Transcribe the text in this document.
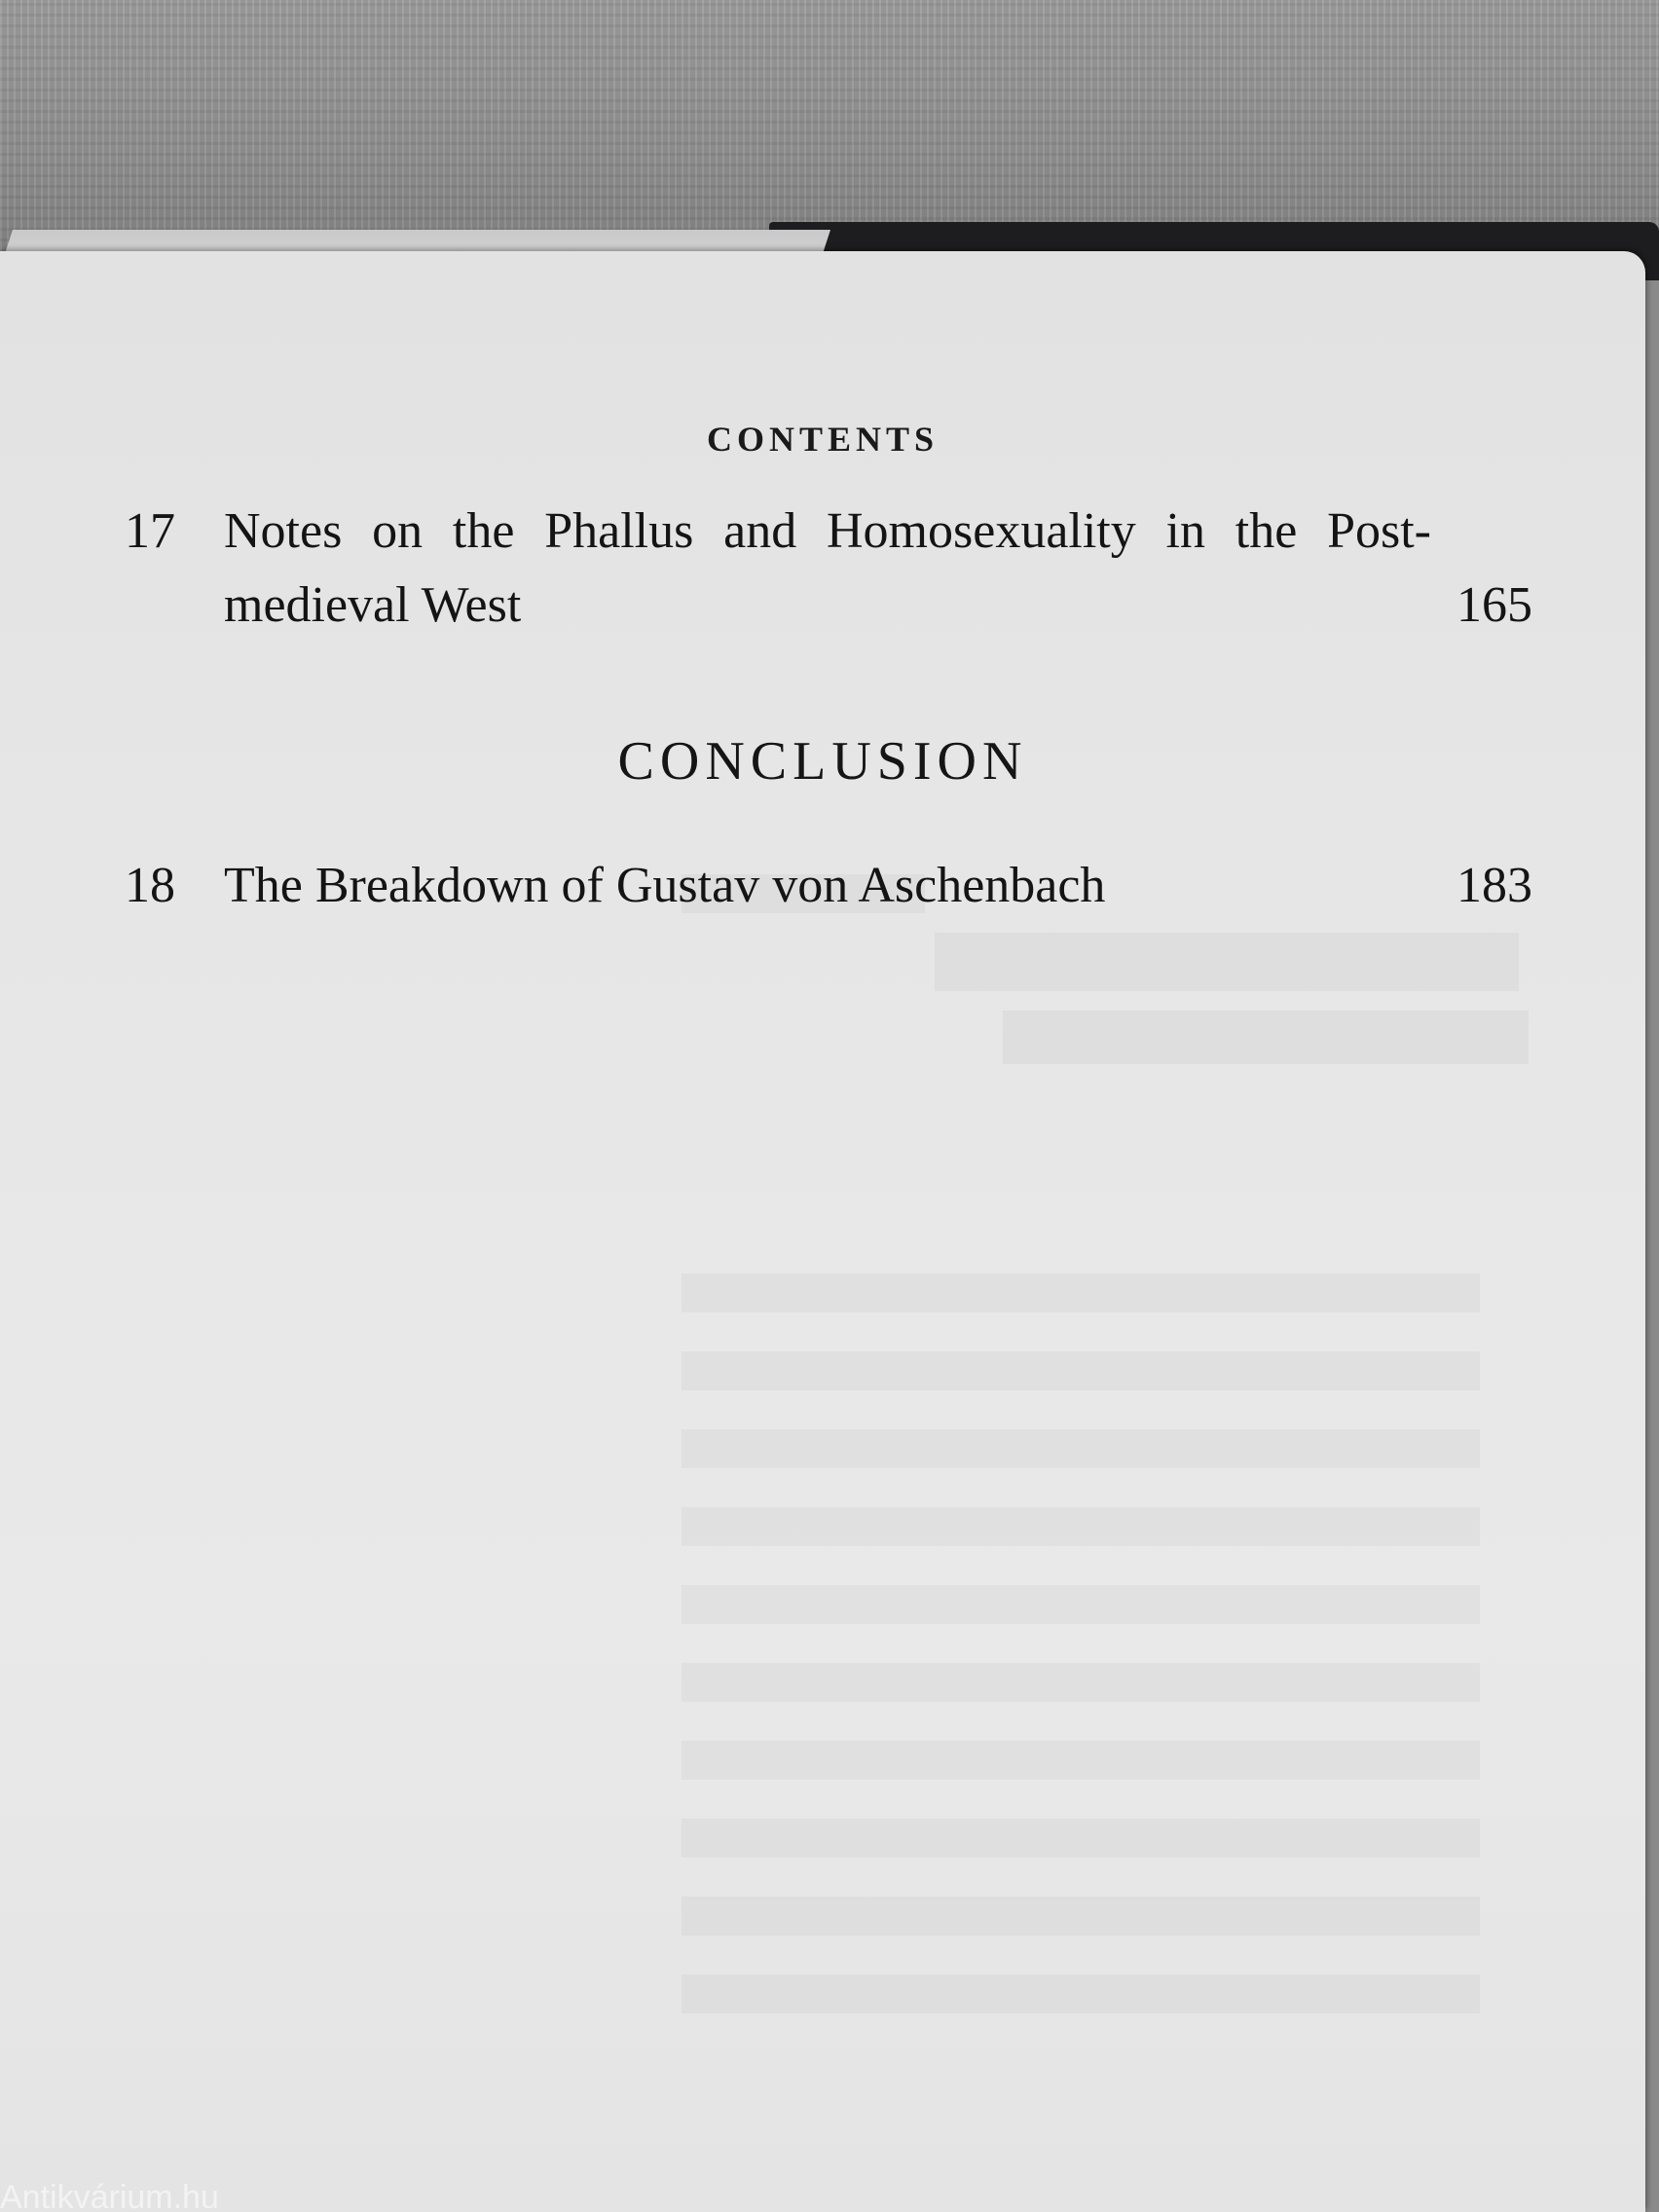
CONTENTS
17 Notes on the Phallus and Homosexuality in the Post-
medieval West	165
CONCLUSION
18 The Breakdown of Gustav von Aschenbach	183
Antikvárium.hu
